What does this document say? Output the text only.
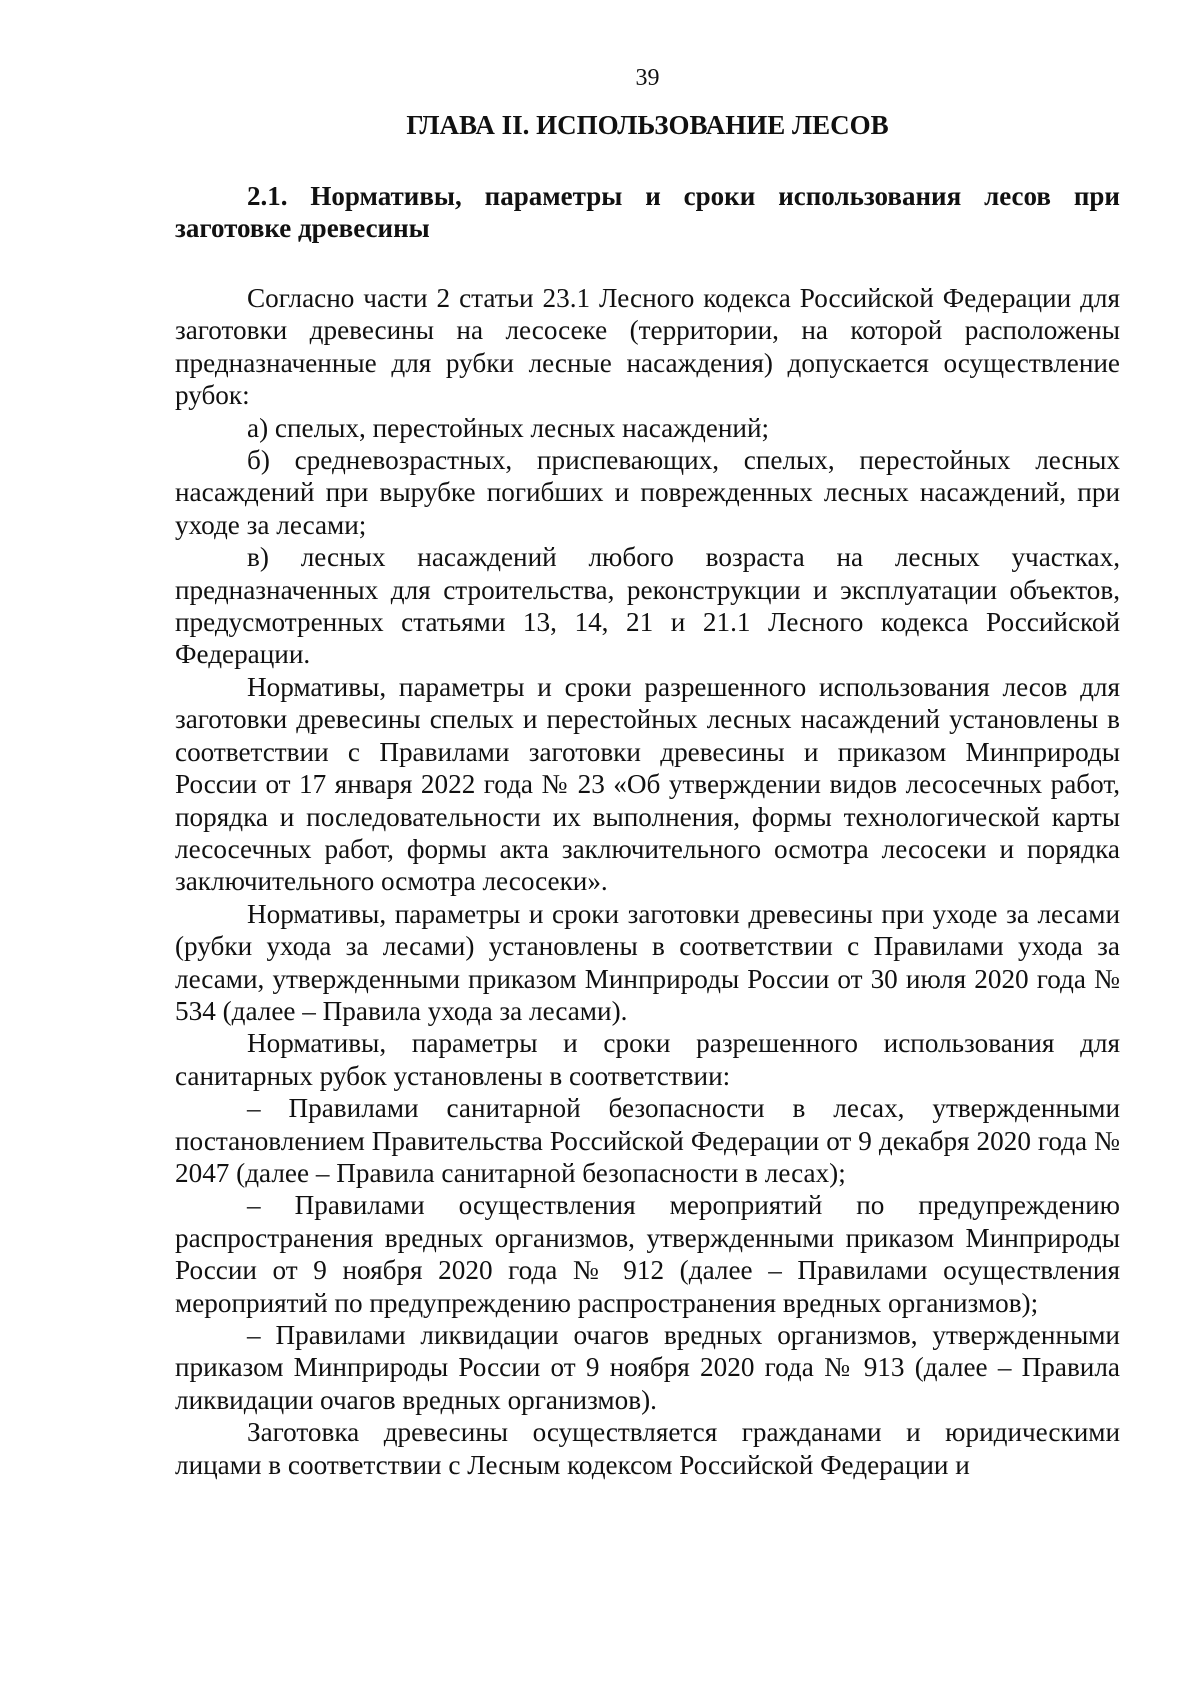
39
ГЛАВА II. ИСПОЛЬЗОВАНИЕ ЛЕСОВ
2.1. Нормативы, параметры и сроки использования лесов при заготовке древесины

Согласно части 2 статьи 23.1 Лесного кодекса Российской Федерации для заготовки древесины на лесосеке (территории, на которой расположены предназначенные для рубки лесные насаждения) допускается осуществление рубок:

а) спелых, перестойных лесных насаждений;

б) средневозрастных, приспевающих, спелых, перестойных лесных насаждений при вырубке погибших и поврежденных лесных насаждений, при уходе за лесами;

в) лесных насаждений любого возраста на лесных участках, предназначенных для строительства, реконструкции и эксплуатации объектов, предусмотренных статьями 13, 14, 21 и 21.1 Лесного кодекса Российской Федерации.

Нормативы, параметры и сроки разрешенного использования лесов для заготовки древесины спелых и перестойных лесных насаждений установлены в соответствии с Правилами заготовки древесины и приказом Минприроды России от 17 января 2022 года № 23 «Об утверждении видов лесосечных работ, порядка и последовательности их выполнения, формы технологической карты лесосечных работ, формы акта заключительного осмотра лесосеки и порядка заключительного осмотра лесосеки».

Нормативы, параметры и сроки заготовки древесины при уходе за лесами (рубки ухода за лесами) установлены в соответствии с Правилами ухода за лесами, утвержденными приказом Минприроды России от 30 июля 2020 года № 534 (далее – Правила ухода за лесами).

Нормативы, параметры и сроки разрешенного использования для санитарных рубок установлены в соответствии:

– Правилами санитарной безопасности в лесах, утвержденными постановлением Правительства Российской Федерации от 9 декабря 2020 года № 2047 (далее – Правила санитарной безопасности в лесах);

– Правилами осуществления мероприятий по предупреждению распространения вредных организмов, утвержденными приказом Минприроды России от 9 ноября 2020 года № 912 (далее – Правилами осуществления мероприятий по предупреждению распространения вредных организмов);

– Правилами ликвидации очагов вредных организмов, утвержденными приказом Минприроды России от 9 ноября 2020 года № 913 (далее – Правила ликвидации очагов вредных организмов).

Заготовка древесины осуществляется гражданами и юридическими лицами в соответствии с Лесным кодексом Российской Федерации и
